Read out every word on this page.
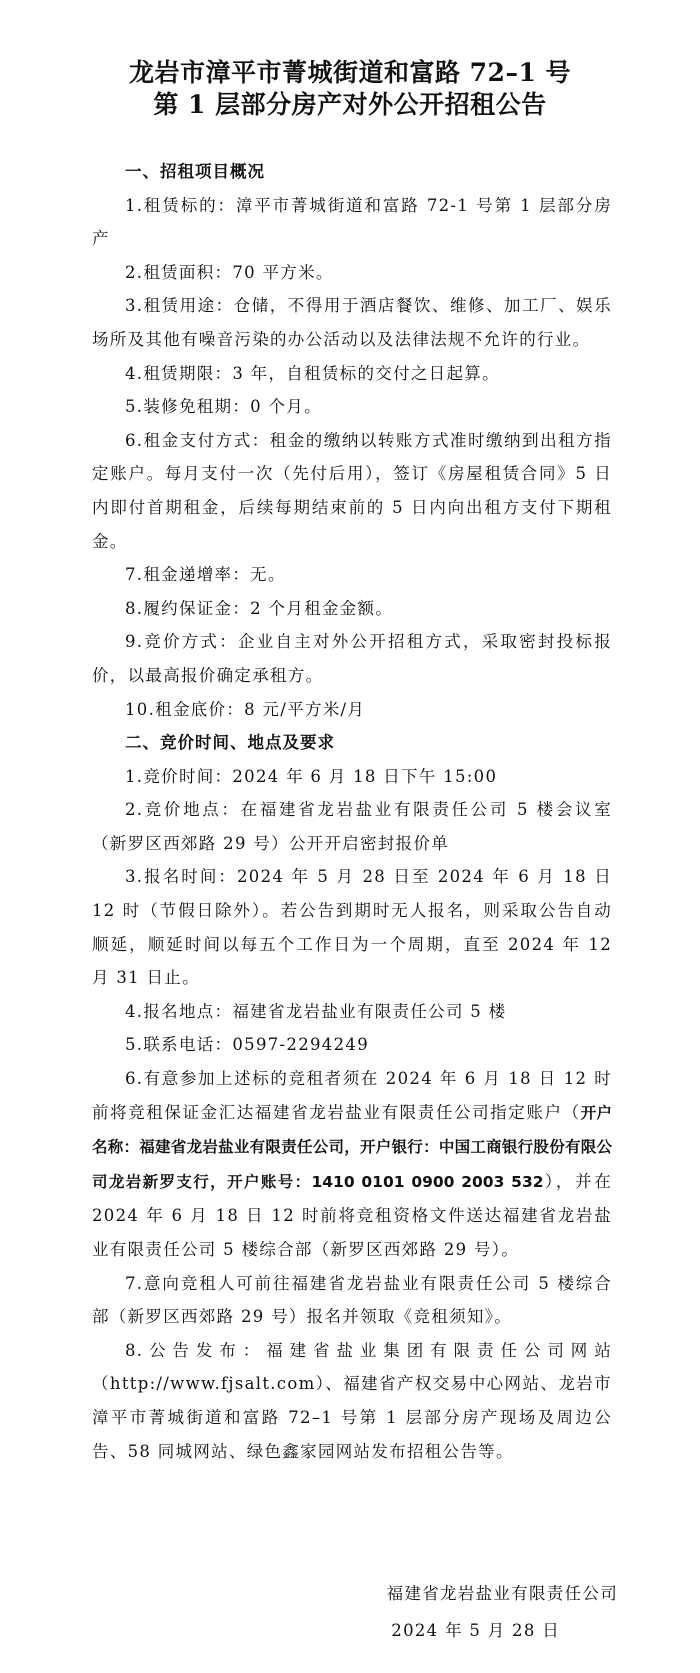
龙岩市漳平市菁城街道和富路 72–1 号
第 1 层部分房产对外公开招租公告
一、招租项目概况

1.租赁标的：漳平市菁城街道和富路 72-1 号第 1 层部分房产

2.租赁面积：70 平方米。

3.租赁用途：仓储，不得用于酒店餐饮、维修、加工厂、娱乐场所及其他有噪音污染的办公活动以及法律法规不允许的行业。

4.租赁期限：3 年，自租赁标的交付之日起算。

5.装修免租期：0 个月。

6.租金支付方式：租金的缴纳以转账方式准时缴纳到出租方指定账户。每月支付一次（先付后用），签订《房屋租赁合同》5 日内即付首期租金，后续每期结束前的 5 日内向出租方支付下期租金。

7.租金递增率：无。

8.履约保证金：2 个月租金金额。

9.竞价方式：企业自主对外公开招租方式，采取密封投标报价，以最高报价确定承租方。

10.租金底价：8 元/平方米/月

二、竞价时间、地点及要求

1.竞价时间：2024 年 6 月 18 日下午 15:00

2.竞价地点：在福建省龙岩盐业有限责任公司 5 楼会议室（新罗区西郊路 29 号）公开开启密封报价单

3.报名时间：2024 年 5 月 28 日至 2024 年 6 月 18 日 12 时（节假日除外）。若公告到期时无人报名，则采取公告自动顺延，顺延时间以每五个工作日为一个周期，直至 2024 年 12 月 31 日止。

4.报名地点：福建省龙岩盐业有限责任公司 5 楼

5.联系电话：0597-2294249

6.有意参加上述标的竞租者须在 2024 年 6 月 18 日 12 时前将竞租保证金汇达福建省龙岩盐业有限责任公司指定账户（开户名称：福建省龙岩盐业有限责任公司，开户银行：中国工商银行股份有限公司龙岩新罗支行，开户账号：1410 0101 0900 2003 532），并在 2024 年 6 月 18 日 12 时前将竞租资格文件送达福建省龙岩盐业有限责任公司 5 楼综合部（新罗区西郊路 29 号）。

7.意向竞租人可前往福建省龙岩盐业有限责任公司 5 楼综合部（新罗区西郊路 29 号）报名并领取《竞租须知》。

8.公告发布：福建省盐业集团有限责任公司网站（http://www.fjsalt.com）、福建省产权交易中心网站、龙岩市漳平市菁城街道和富路 72–1 号第 1 层部分房产现场及周边公告、58 同城网站、绿色鑫家园网站发布招租公告等。

福建省龙岩盐业有限责任公司
2024 年 5 月 28 日
